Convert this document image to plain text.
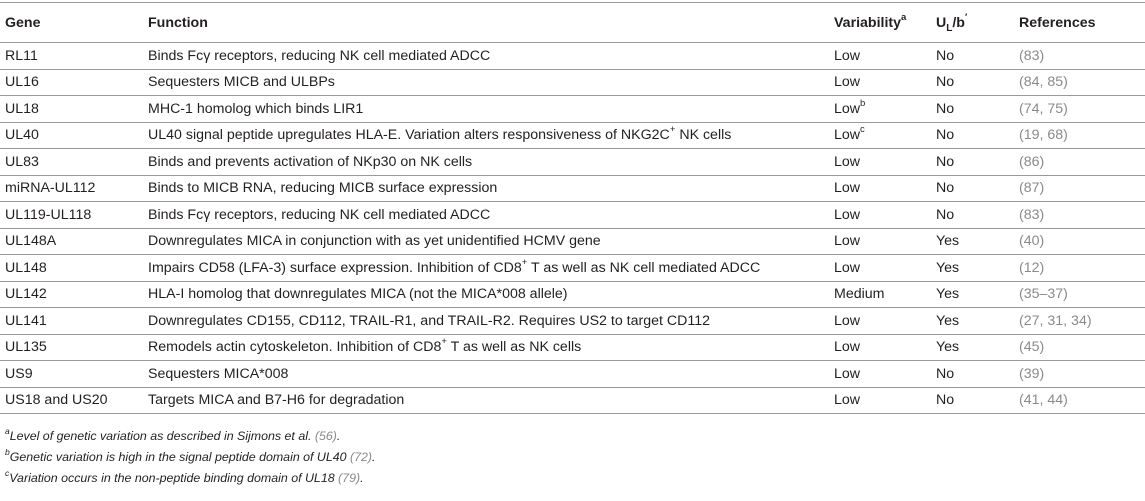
Gene	Function	Variability$^a$	$U_L/b'$	References
RL11	Binds Fcγ receptors, reducing NK cell mediated ADCC	Low	No	(83)
UL16	Sequesters MICB and ULBPs	Low	No	(84, 85)
UL18	MHC-1 homolog which binds LIR1	Low$^b$	No	(74, 75)
UL40	UL40 signal peptide upregulates HLA-E. Variation alters responsiveness of NKG2C+ NK cells	Low$^c$	No	(19, 68)
UL83	Binds and prevents activation of NKp30 on NK cells	Low	No	(86)
miRNA-UL112	Binds to MICB RNA, reducing MICB surface expression	Low	No	(87)
UL119-UL118	Binds Fcγ receptors, reducing NK cell mediated ADCC	Low	No	(83)
UL148A	Downregulates MICA in conjunction with as yet unidentified HCMV gene	Low	Yes	(40)
UL148	Impairs CD58 (LFA-3) surface expression. Inhibition of CD8+ T as well as NK cell mediated ADCC	Low	Yes	(12)
UL142	HLA-I homolog that downregulates MICA (not the MICA*008 allele)	Medium	Yes	(35–37)
UL141	Downregulates CD155, CD112, TRAIL-R1, and TRAIL-R2. Requires US2 to target CD112	Low	Yes	(27, 31, 34)
UL135	Remodels actin cytoskeleton. Inhibition of CD8+ T as well as NK cells	Low	Yes	(45)
US9	Sequesters MICA*008	Low	No	(39)
US18 and US20	Targets MICA and B7-H6 for degradation	Low	No	(41, 44)
$^a$Level of genetic variation as described in Sijmons et al. (56).
$^b$Genetic variation is high in the signal peptide domain of UL40 (72).
$^c$Variation occurs in the non-peptide binding domain of UL18 (79).
